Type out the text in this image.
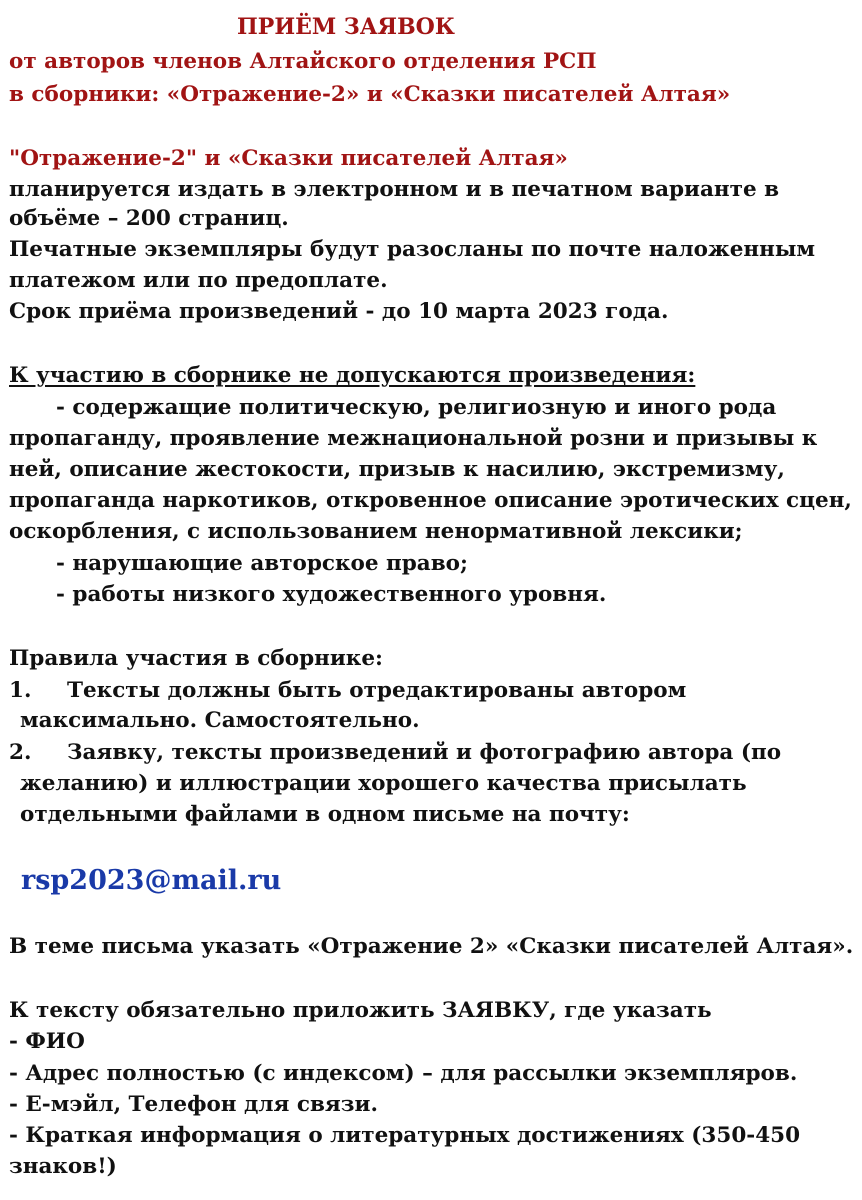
ПРИЁМ ЗАЯВОК
от авторов членов Алтайского отделения РСП
в сборники: «Отражение-2» и «Сказки писателей Алтая»
"Отражение-2" и «Сказки писателей Алтая»
планируется издать в электронном и в печатном варианте в
объёме – 200 страниц.
Печатные экземпляры будут разосланы по почте наложенным
платежом или по предоплате.
Срок приёма произведений - до 10 марта 2023 года.
К участию в сборнике не допускаются произведения:
- содержащие политическую, религиозную и иного рода
пропаганду, проявление межнациональной розни и призывы к
ней, описание жестокости, призыв к насилию, экстремизму,
пропаганда наркотиков, откровенное описание эротических сцен,
оскорбления, с использованием ненормативной лексики;
- нарушающие авторское право;
- работы низкого художественного уровня.
Правила участия в сборнике:
1. Тексты должны быть отредактированы автором
максимально. Самостоятельно.
2. Заявку, тексты произведений и фотографию автора (по
желанию) и иллюстрации хорошего качества присылать
отдельными файлами в одном письме на почту:
rsp2023@mail.ru
В теме письма указать «Отражение 2» «Сказки писателей Алтая».
К тексту обязательно приложить ЗАЯВКУ, где указать
- ФИО
- Адрес полностью (с индексом) – для рассылки экземпляров.
- Е-мэйл, Телефон для связи.
- Краткая информация о литературных достижениях (350-450
знаков!)
